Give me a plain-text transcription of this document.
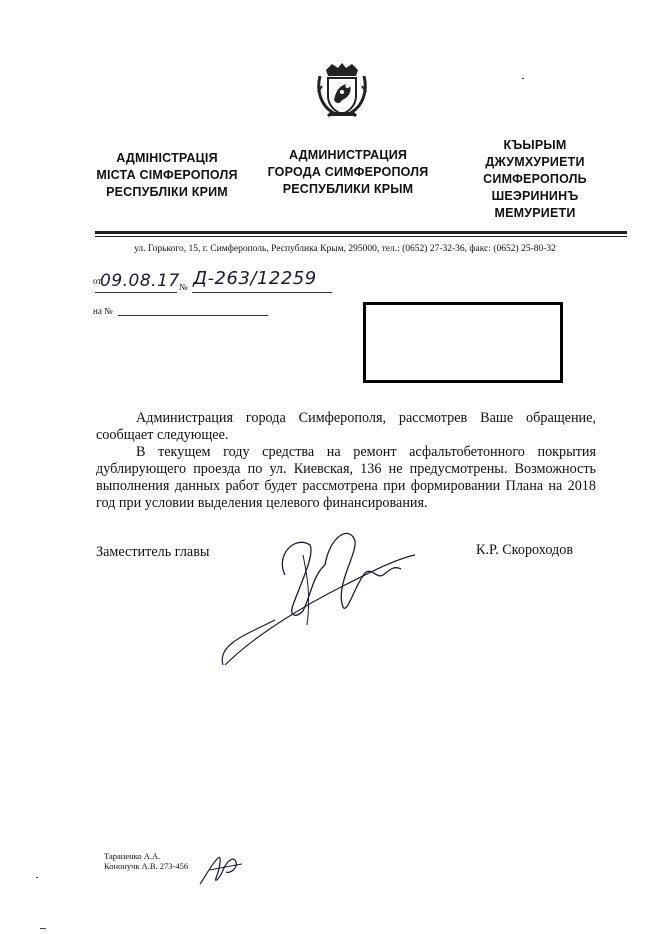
АДМІНІСТРАЦІЯ
МІСТА СІМФЕРОПОЛЯ
РЕСПУБЛІКИ КРИМ
АДМИНИСТРАЦИЯ
ГОРОДА СИМФЕРОПОЛЯ
РЕСПУБЛИКИ КРЫМ
КЪЫРЫМ
ДЖУМХУРИЕТИ
СИМФЕРОПОЛЬ
ШЕЭРИНИНЪ
МЕМУРИЕТИ
ул. Горького, 15, г. Симферополь, Республика Крым, 295000, тел.: (0652) 27-32-36, факс: (0652) 25-80-32
от
09.08.17 № Д-263/12259
на №

Администрация города Симферополя, рассмотрев Ваше обращение, сообщает следующее.

В текущем году средства на ремонт асфальтобетонного покрытия дублирующего проезда по ул. Киевская, 136 не предусмотрены. Возможность выполнения данных работ будет рассмотрена при формировании Плана на 2018 год при условии выделения целевого финансирования.

Заместитель главы	К.Р. Скороходов
Тараненко А.А.
Кононучк А.В. 273-456
